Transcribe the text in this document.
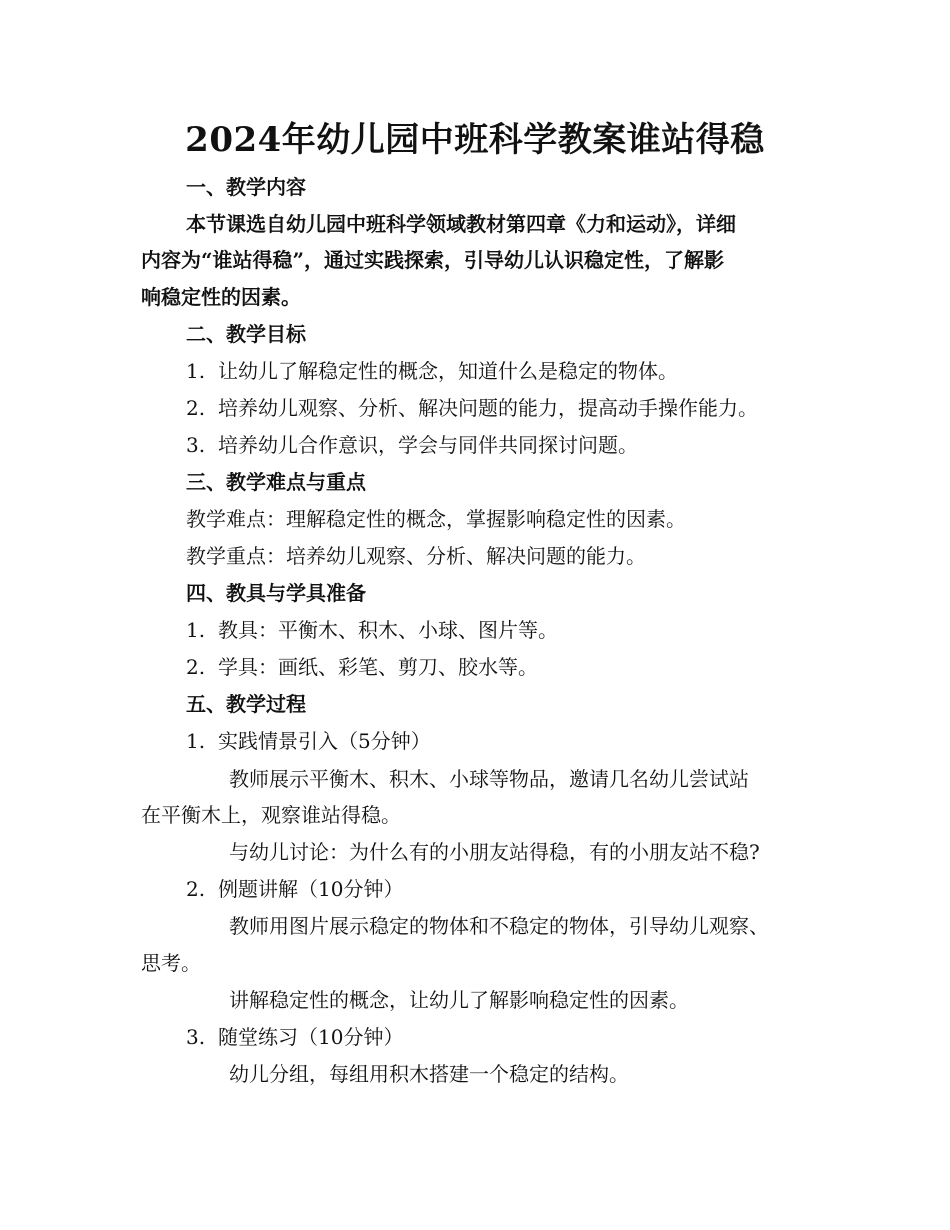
2024年幼儿园中班科学教案谁站得稳
一、教学内容
本节课选自幼儿园中班科学领域教材第四章《力和运动》，详细
内容为“谁站得稳”，通过实践探索，引导幼儿认识稳定性，了解影
响稳定性的因素。
二、教学目标
1. 让幼儿了解稳定性的概念，知道什么是稳定的物体。
2. 培养幼儿观察、分析、解决问题的能力，提高动手操作能力。
3. 培养幼儿合作意识，学会与同伴共同探讨问题。
三、教学难点与重点
教学难点：理解稳定性的概念，掌握影响稳定性的因素。
教学重点：培养幼儿观察、分析、解决问题的能力。
四、教具与学具准备
1. 教具：平衡木、积木、小球、图片等。
2. 学具：画纸、彩笔、剪刀、胶水等。
五、教学过程
1. 实践情景引入（5分钟）
教师展示平衡木、积木、小球等物品，邀请几名幼儿尝试站
在平衡木上，观察谁站得稳。
与幼儿讨论：为什么有的小朋友站得稳，有的小朋友站不稳?
2. 例题讲解（10分钟）
教师用图片展示稳定的物体和不稳定的物体，引导幼儿观察、
思考。
讲解稳定性的概念，让幼儿了解影响稳定性的因素。
3. 随堂练习（10分钟）
幼儿分组，每组用积木搭建一个稳定的结构。
